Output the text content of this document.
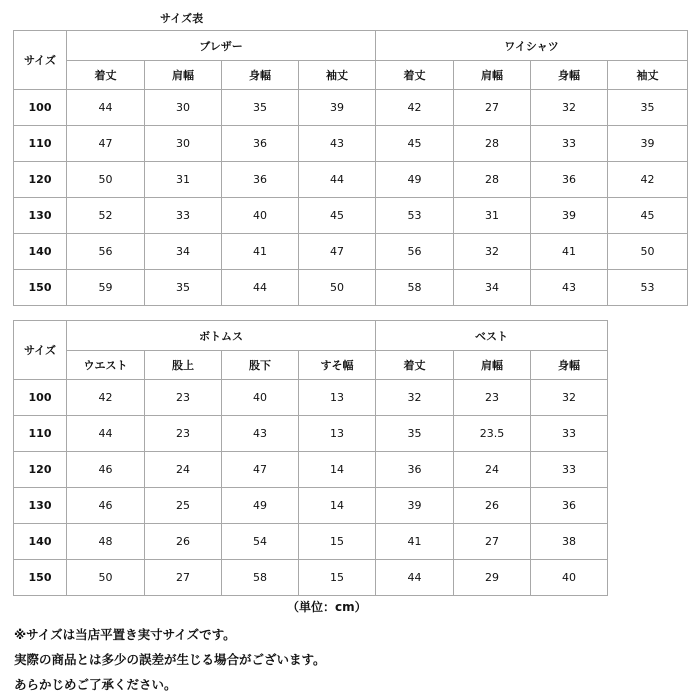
サイズ表
サイズ	ブレザー				ワイシャツ			
	着丈	肩幅	身幅	袖丈	着丈	肩幅	身幅	袖丈
100	44	30	35	39	42	27	32	35
110	47	30	36	43	45	28	33	39
120	50	31	36	44	49	28	36	42
130	52	33	40	45	53	31	39	45
140	56	34	41	47	56	32	41	50
150	59	35	44	50	58	34	43	53
サイズ	ボトムス				ベスト		
	ウエスト	股上	股下	すそ幅	着丈	肩幅	身幅
100	42	23	40	13	32	23	32
110	44	23	43	13	35	23.5	33
120	46	24	47	14	36	24	33
130	46	25	49	14	39	26	36
140	48	26	54	15	41	27	38
150	50	27	58	15	44	29	40
（単位：cm）
※サイズは当店平置き実寸サイズです。
実際の商品とは多少の誤差が生じる場合がございます。
あらかじめご了承ください。
